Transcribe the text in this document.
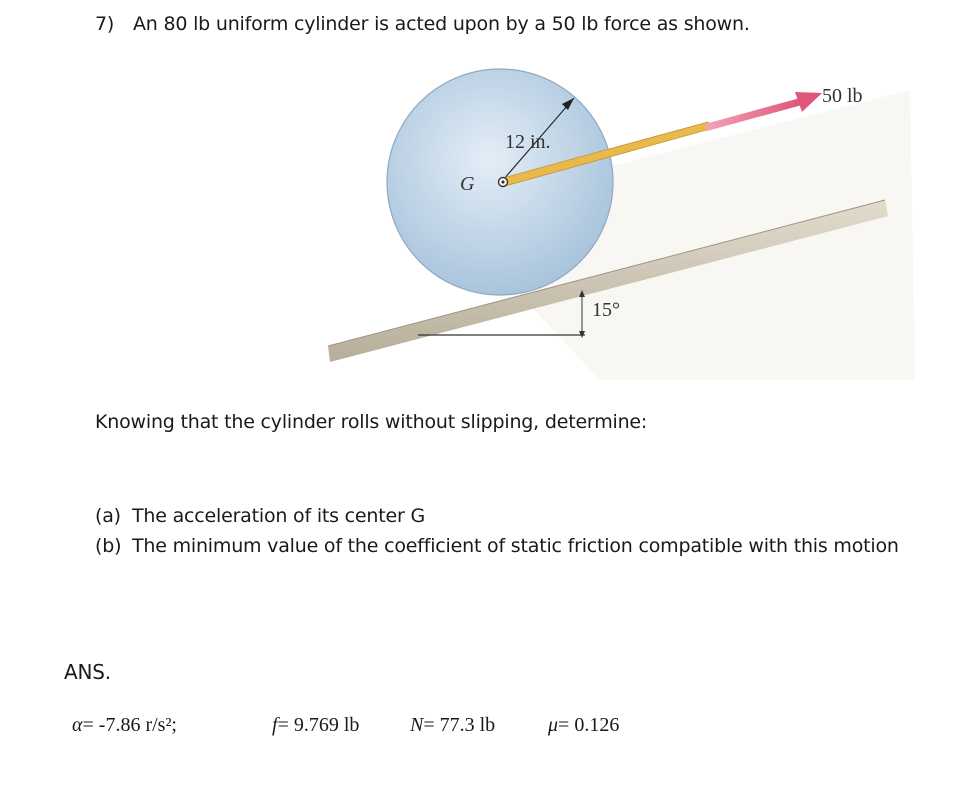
7) An 80 lb uniform cylinder is acted upon by a 50 lb force as shown.
50 lb
12 in.
G
15°
Knowing that the cylinder rolls without slipping, determine:
(a) The acceleration of its center G
(b) The minimum value of the coefficient of static friction compatible with this motion
ANS.
α= -7.86 r/s²;	f= 9.769 lb	N= 77.3 lb	μ= 0.126
